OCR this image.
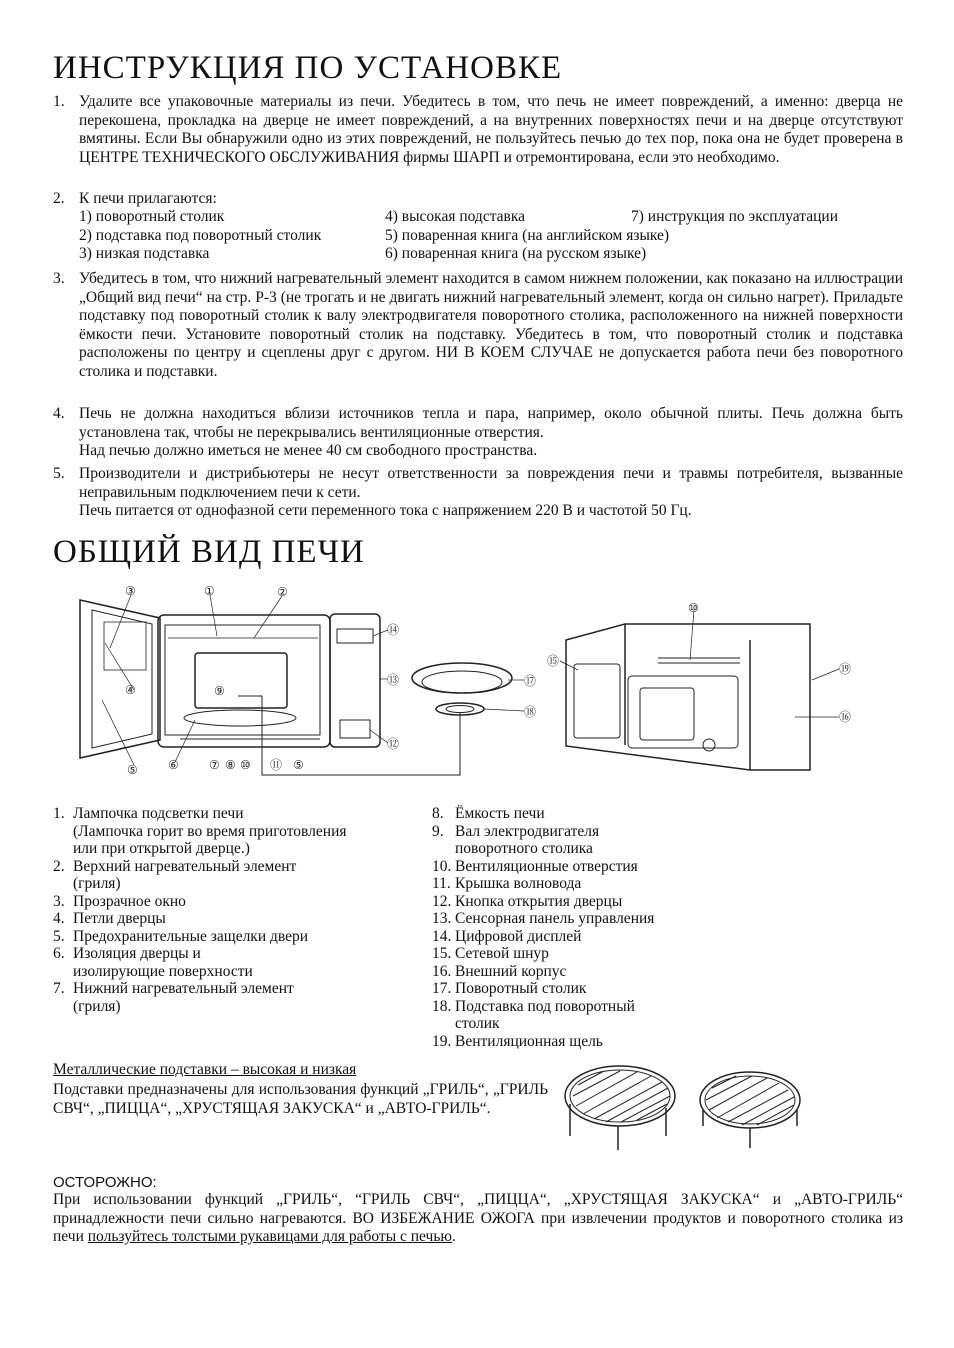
ИНСТРУКЦИЯ ПО УСТАНОВКЕ
1. Удалите все упаковочные материалы из печи. Убедитесь в том, что печь не имеет повреждений, а именно: дверца не перекошена, прокладка на дверце не имеет повреждений, а на внутренних поверхностях печи и на дверце отсутствуют вмятины. Если Вы обнаружили одно из этих повреждений, не пользуйтесь печью до тех пор, пока она не будет проверена в ЦЕНТРЕ ТЕХНИЧЕСКОГО ОБСЛУЖИВАНИЯ фирмы ШАРП и отремонтирована, если это необходимо.
2. К печи прилагаются:
1) поворотный столик
2) подставка под поворотный столик
3) низкая подставка
4) высокая подставка
5) поваренная книга (на английском языке)
6) поваренная книга (на русском языке)
7) инструкция по эксплуатации
3. Убедитесь в том, что нижний нагревательный элемент находится в самом нижнем положении, как показано на иллюстрации „Общий вид печи“ на стр. Р-3 (не трогать и не двигать нижний нагревательный элемент, когда он сильно нагрет). Приладьте подставку под поворотный столик к валу электродвигателя поворотного столика, расположенного на нижней поверхности ёмкости печи. Установите поворотный столик на подставку. Убедитесь в том, что поворотный столик и подставка расположены по центру и сцеплены друг с другом. НИ В КОЕМ СЛУЧАЕ не допускается работа печи без поворотного столика и подставки.
4. Печь не должна находиться вблизи источников тепла и пара, например, около обычной плиты. Печь должна быть установлена так, чтобы не перекрывались вентиляционные отверстия.
Над печью должно иметься не менее 40 см свободного пространства.
5. Производители и дистрибьютеры не несут ответственности за повреждения печи и травмы потребителя, вызванные неправильным подключением печи к сети.
Печь питается от однофазной сети переменного тока с напряжением 220 В и частотой 50 Гц.
ОБЩИЙ ВИД ПЕЧИ
③	①	②
④	⑨
⑤	⑥	⑦ ⑧ ⑩ ⑪ ⑤
⑭
⑬
⑫
⑰
⑱
⑩
⑮
⑲
⑯
1. Лампочка подсветки печи
(Лампочка горит во время приготовления
или при открытой дверце.)
2. Верхний нагревательный элемент
(гриля)
3. Прозрачное окно
4. Петли дверцы
5. Предохранительные защелки двери
6. Изоляция дверцы и
изолирующие поверхности
7. Нижний нагревательный элемент
(гриля)
8. Ёмкость печи
9. Вал электродвигателя
поворотного столика
10. Вентиляционные отверстия
11. Крышка волновода
12. Кнопка открытия дверцы
13. Сенсорная панель управления
14. Цифровой дисплей
15. Сетевой шнур
16. Внешний корпус
17. Поворотный столик
18. Подставка под поворотный
столик
19. Вентиляционная щель
Металлические подставки – высокая и низкая
Подставки предназначены для использования функций „ГРИЛЬ“, „ГРИЛЬ СВЧ“, „ПИЦЦА“, „ХРУСТЯЩАЯ ЗАКУСКА“ и „АВТО-ГРИЛЬ“.
ОСТОРОЖНО:
При использовании функций „ГРИЛЬ“, “ГРИЛЬ СВЧ“, „ПИЦЦА“, „ХРУСТЯЩАЯ ЗАКУСКА“ и „АВТО-ГРИЛЬ“ принадлежности печи сильно нагреваются. ВО ИЗБЕЖАНИЕ ОЖОГА при извлечении продуктов и поворотного столика из печи пользуйтесь толстыми рукавицами для работы с печью.
